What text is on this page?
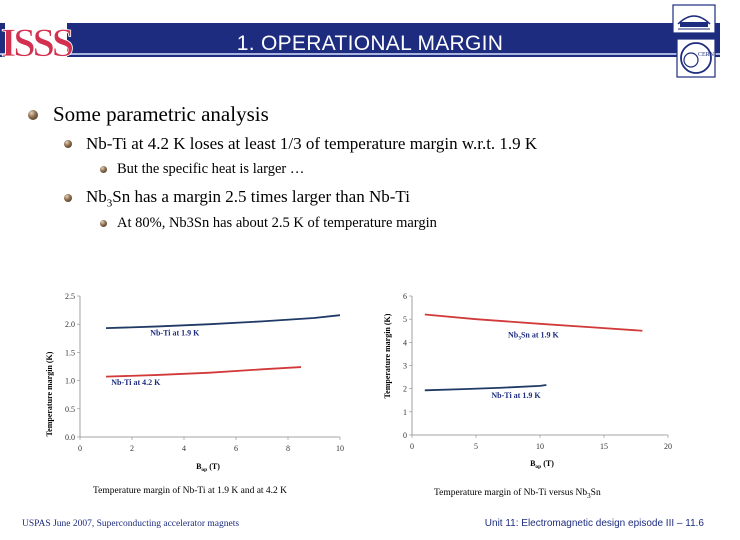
1. OPERATIONAL MARGIN
ISSS	CERN
Some parametric analysis
Nb-Ti at 4.2 K loses at least 1/3 of temperature margin w.r.t. 1.9 K
But the specific heat is larger …
$Nb_3Sn$ has a margin 2.5 times larger than Nb-Ti
At 80%, Nb3Sn has about 2.5 K of temperature margin
Temperature margin (K)
$B_{op}$ (T)
0.0
0.5
1.0
1.5
2.0
2.5
0	2	4	6	8	10
Nb-Ti at 1.9 K
Nb-Ti at 4.2 K
Temperature margin of Nb-Ti at 1.9 K and at 4.2 K
Temperature margin (K)
$B_{op}$ (T)
0
1
2
3
4
5
6
0	5	10	15	20
$Nb_3Sn$ at 1.9 K
Nb-Ti at 1.9 K
Temperature margin of Nb-Ti versus $Nb_3Sn$
USPAS June 2007, Superconducting accelerator magnets	Unit 11: Electromagnetic design episode III – 11.6
